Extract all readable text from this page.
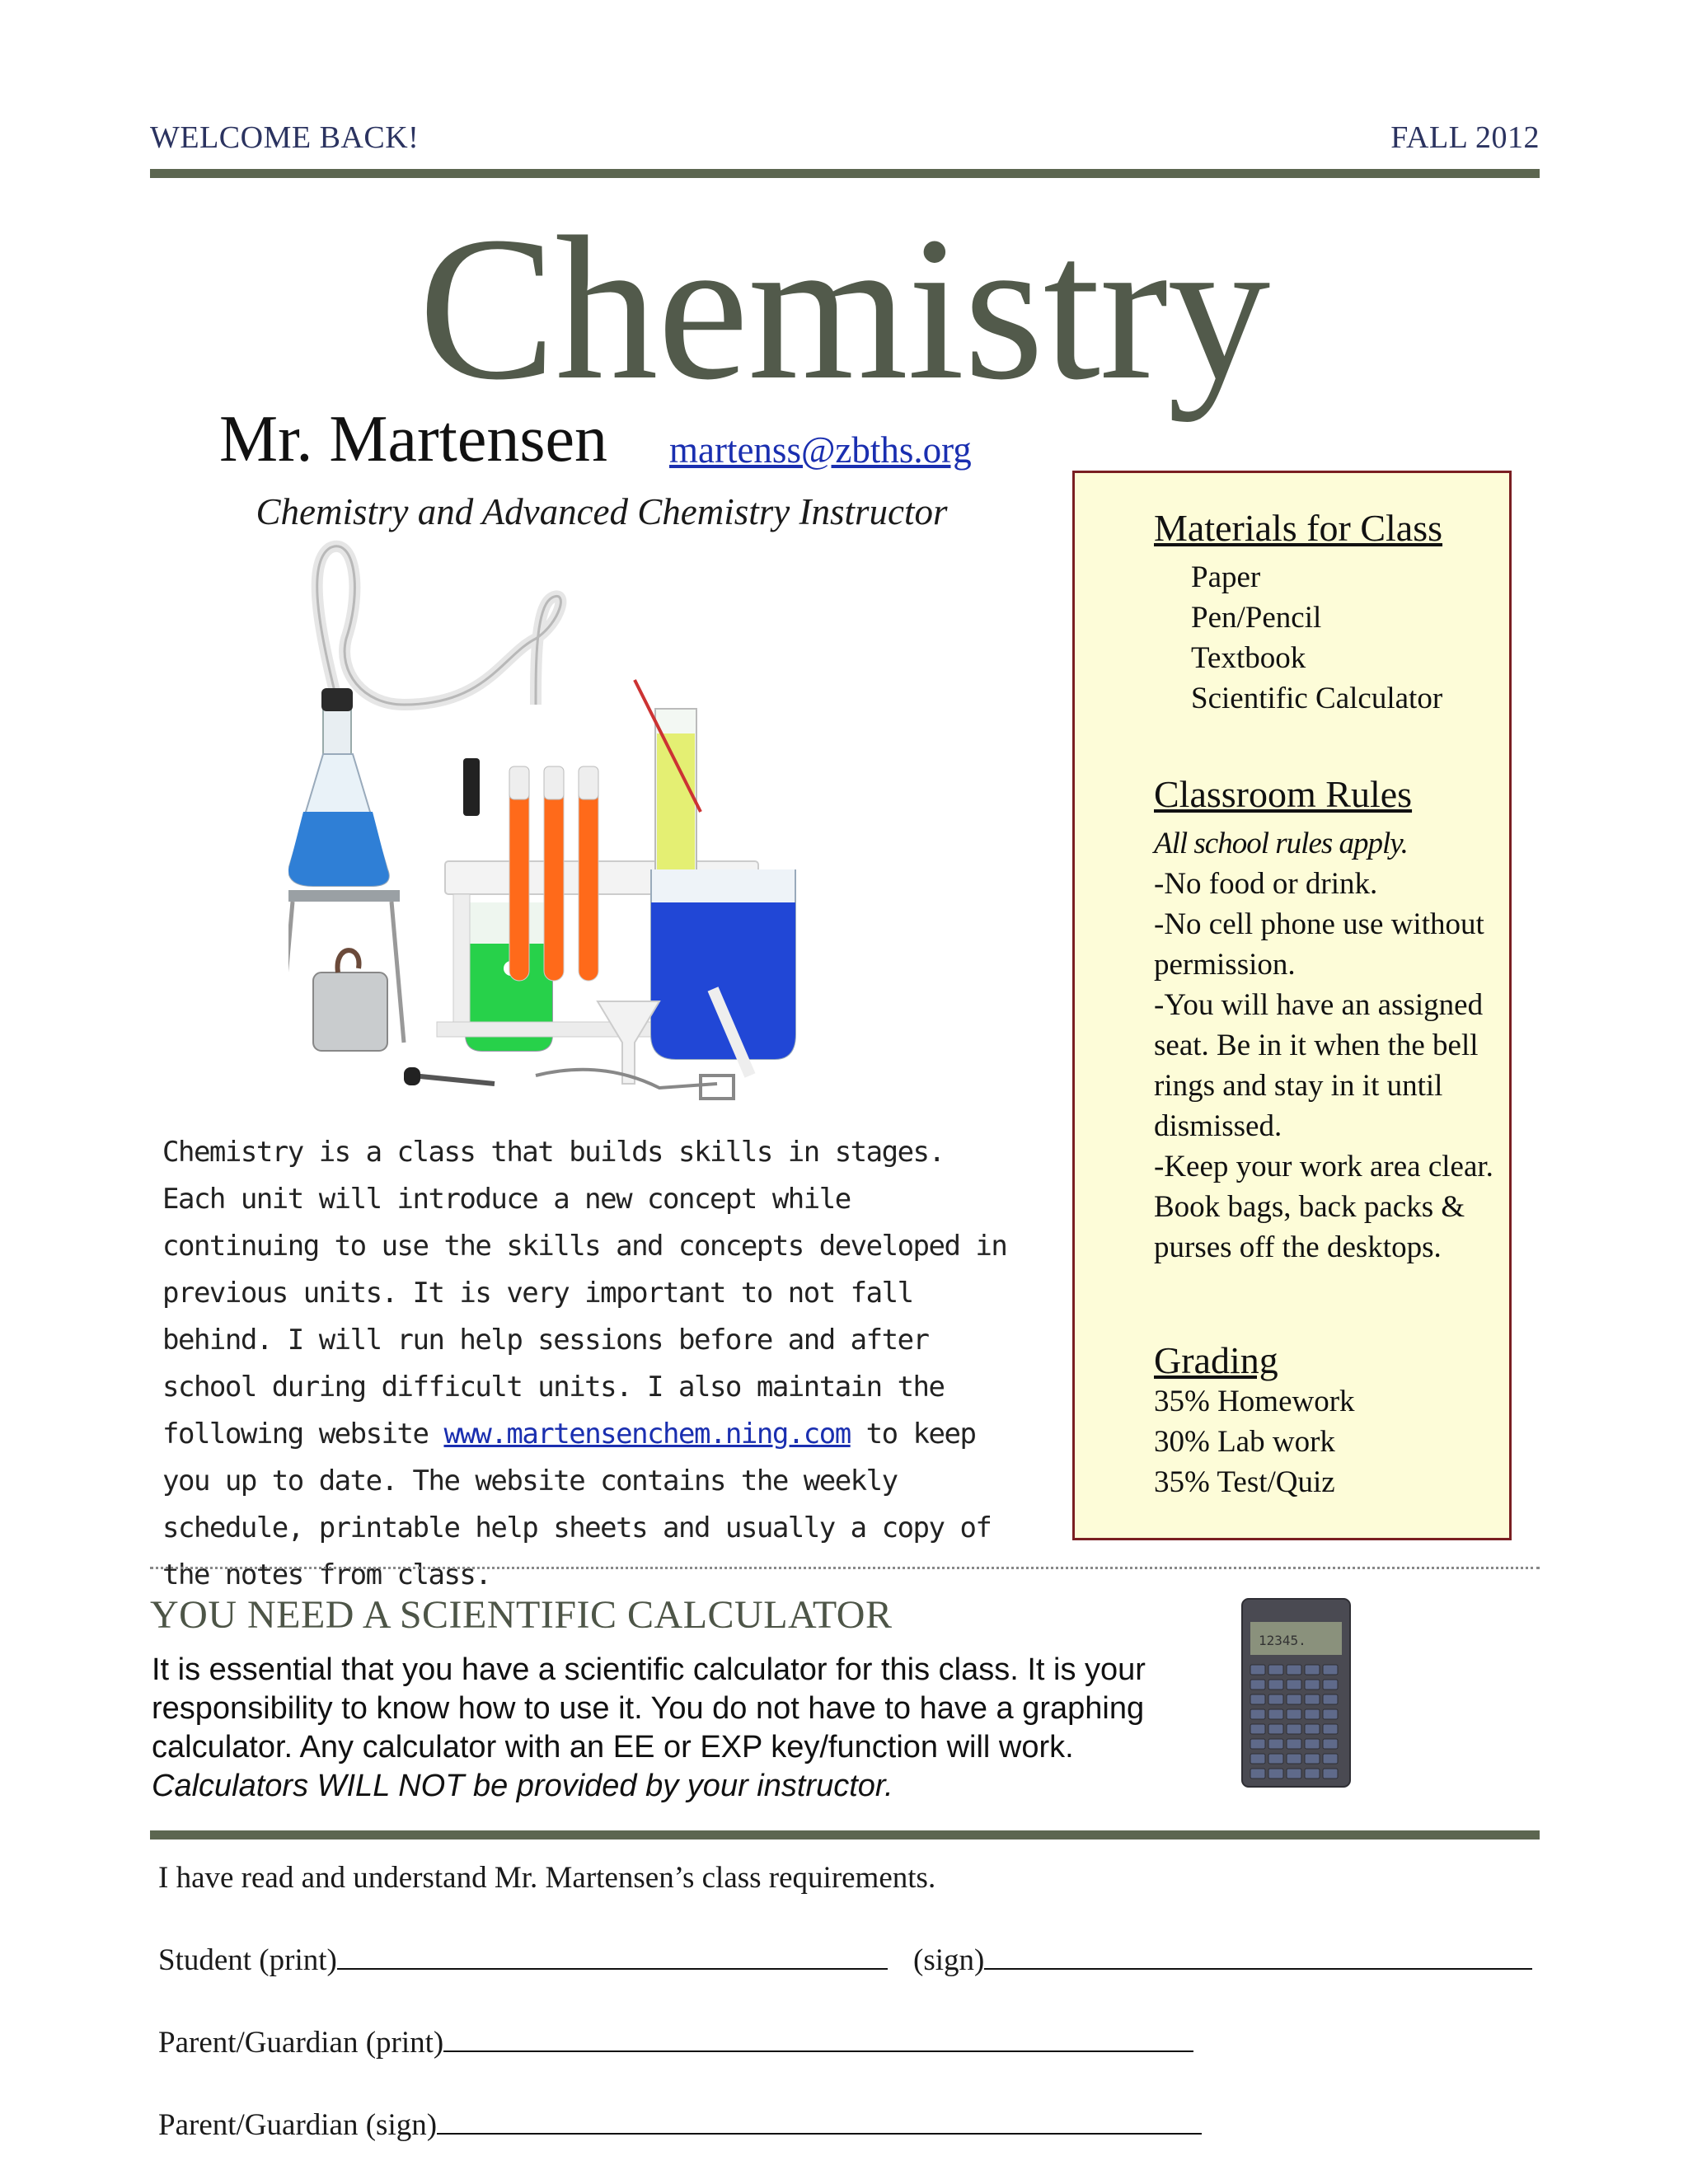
WELCOME BACK!	FALL 2012
Chemistry
Mr. Martensen martenss@zbths.org
Chemistry and Advanced Chemistry Instructor
Chemistry is a class that builds skills in stages. Each unit will introduce a new concept while continuing to use the skills and concepts developed in previous units. It is very important to not fall behind. I will run help sessions before and after school during difficult units. I also maintain the following website www.martensenchem.ning.com to keep you up to date. The website contains the weekly schedule, printable help sheets and usually a copy of the notes from class.
Materials for Class
Paper
Pen/Pencil
Textbook
Scientific Calculator
Classroom Rules
All school rules apply.
-No food or drink.
-No cell phone use without permission.
-You will have an assigned seat. Be in it when the bell rings and stay in it until dismissed.
-Keep your work area clear. Book bags, back packs & purses off the desktops.
Grading
35% Homework
30% Lab work
35% Test/Quiz
YOU NEED A SCIENTIFIC CALCULATOR
It is essential that you have a scientific calculator for this class. It is your responsibility to know how to use it. You do not have to have a graphing calculator. Any calculator with an EE or EXP key/function will work.
Calculators WILL NOT be provided by your instructor.
12345.
I have read and understand Mr. Martensen’s class requirements.
Student (print)	(sign)
Parent/Guardian (print)
Parent/Guardian (sign)
